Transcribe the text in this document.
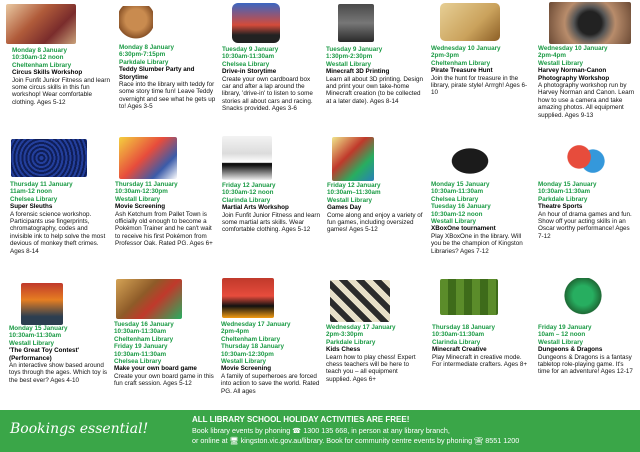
Monday 8 January
10:30am-12 noon
Cheltenham Library
Circus Skills Workshop
Join Funfit Junior Fitness and learn some circus skills in this fun workshop! Wear comfortable clothing. Ages 5-12
Monday 8 January
6:30pm-7:15pm
Parkdale Library
Teddy Slumber Party and Storytime
Race into the library with teddy for some story time fun! Leave Teddy overnight and see what he gets up to! Ages 3-5
Tuesday 9 January
10:30am-11:30am
Chelsea Library
Drive-in Storytime
Create your own cardboard box car and after a lap around the library, 'drive-in' to listen to some stories all about cars and racing. Snacks provided. Ages 3-6
Tuesday 9 January
1:30pm-2:30pm
Westall Library
Minecraft 3D Printing
Learn all about 3D printing. Design and print your own take-home Minecraft creation (to be collected at a later date). Ages 8-14
Wednesday 10 January
2pm-3pm
Cheltenham Library
Pirate Treasure Hunt
Join the hunt for treasure in the library, pirate style! Arrrgh! Ages 6-10
Wednesday 10 January
2pm-4pm
Westall Library
Harvey Norman-Canon Photography Workshop
A photography workshop run by Harvey Norman and Canon. Learn how to use a camera and take amazing photos. All equipment supplied. Ages 9-13
Thursday 11 January
11am-12 noon
Chelsea Library
Super Sleuths
A forensic science workshop. Participants use fingerprints, chromatography, codes and invisible ink to help solve the most devious of monkey theft crimes. Ages 8-14
Thursday 11 January
10:30am-12:30pm
Westall Library
Movie Screening
Ash Ketchum from Pallet Town is officially old enough to become a Pokémon Trainer and he can't wait to receive his first Pokémon from Professor Oak. Rated PG. Ages 6+
Friday 12 January
10:30am-12 noon
Clarinda Library
Martial Arts Workshop
Join Funfit Junior Fitness and learn some martial arts skills. Wear comfortable clothing. Ages 5-12
Friday 12 January
10:30am–11:30am
Westall Library
Games Day
Come along and enjoy a variety of fun games, including oversized games! Ages 5-12
Monday 15 January
10:30am-11:30am
Chelsea Library
Tuesday 16 January
10:30am-12 noon
Westall Library
XBoxOne tournament
Play XBoxOne in the library. Will you be the champion of Kingston Libraries? Ages 7-12
Monday 15 January
10:30am-11:30am
Parkdale Library
Theatre Sports
An hour of drama games and fun. Show off your acting skills in an Oscar worthy performance! Ages 7-12
Monday 15 January
10:30am-11:30am
Westall Library
'The Great Toy Contest' (Performance)
An interactive show based around toys through the ages. Which toy is the best ever? Ages 4-10
Tuesday 16 January
10:30am-11:30am
Cheltenham Library
Friday 19 January
10:30am-11:30am
Chelsea Library
Make your own board game
Create your own board game in this fun craft session. Ages 5-12
Wednesday 17 January
2pm-4pm
Cheltenham Library
Thursday 18 January
10:30am-12:30pm
Westall Library
Movie Screening
A family of superheroes are forced into action to save the world. Rated PG. All ages
Wednesday 17 January
2pm-3:30pm
Parkdale Library
Kids Chess
Learn how to play chess! Expert chess teachers will be here to teach you – all equipment supplied. Ages 6+
Thursday 18 January
10:30am-11:30am
Clarinda Library
Minecraft Creative
Play Minecraft in creative mode. For intermediate crafters. Ages 8+
Friday 19 January
10am – 12 noon
Westall Library
Dungeons & Dragons
Dungeons & Dragons is a fantasy tabletop role-playing game. It's time for an adventure! Ages 12-17
Bookings essential!
ALL LIBRARY SCHOOL HOLIDAY ACTIVITIES ARE FREE!
Book library events by phoning ☎ 1300 135 668, in person at any library branch,
or online at 🖥 kingston.vic.gov.au/library. Book for community centre events by phoning ☎ 8551 1200
